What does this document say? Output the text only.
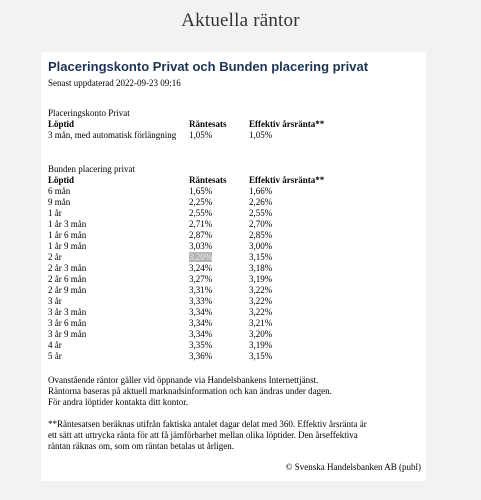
Aktuella räntor
Placeringskonto Privat och Bunden placering privat
Senast uppdaterad 2022-09-23 09:16
Placeringskonto Privat
Löptid	Räntesats	Effektiv årsränta**
3 mån, med automatisk förlängning	1,05%	1,05%
Bunden placering privat
Löptid	Räntesats	Effektiv årsränta**
6 mån	1,65%	1,66%
9 mån	2,25%	2,26%
1 år	2,55%	2,55%
1 år 3 mån	2,71%	2,70%
1 år 6 mån	2,87%	2,85%
1 år 9 mån	3,03%	3,00%
2 år	3,20%	3,15%
2 år 3 mån	3,24%	3,18%
2 år 6 mån	3,27%	3,19%
2 år 9 mån	3,31%	3,22%
3 år	3,33%	3,22%
3 år 3 mån	3,34%	3,22%
3 år 6 mån	3,34%	3,21%
3 år 9 mån	3,34%	3,20%
4 år	3,35%	3,19%
5 år	3,36%	3,15%
Ovanstående räntor gäller vid öppnande via Handelsbankens Internettjänst.
Räntorna baseras på aktuell marknadsinformation och kan ändras under dagen.
För andra löptider kontakta ditt kontor.
**Räntesatsen beräknas utifrån faktiska antalet dagar delat med 360. Effektiv årsränta är
ett sätt att uttrycka ränta för att få jämförbarhet mellan olika löptider. Den årseffektiva
räntan räknas om, som om räntan betalas ut årligen.
© Svenska Handelsbanken AB (publ)
